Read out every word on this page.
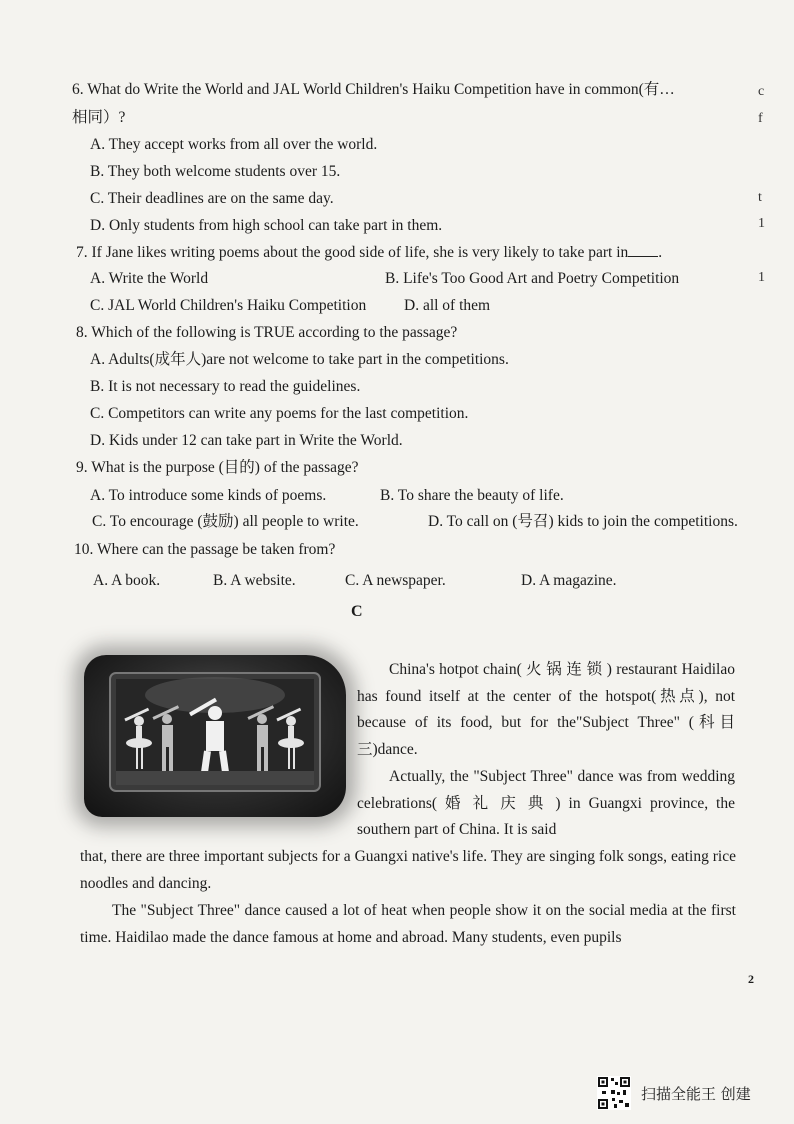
6. What do Write the World and JAL World Children's Haiku Competition have in common(有…
相同）?
A. They accept works from all over the world.
B. They both welcome students over 15.
C. Their deadlines are on the same day.
D. Only students from high school can take part in them.
7. If Jane likes writing poems about the good side of life, she is very likely to take part in .
A. Write the World	B. Life's Too Good Art and Poetry Competition
C. JAL World Children's Haiku Competition D. all of them
8. Which of the following is TRUE according to the passage?
A. Adults(成年人)are not welcome to take part in the competitions.
B. It is not necessary to read the guidelines.
C. Competitors can write any poems for the last competition.
D. Kids under 12 can take part in Write the World.
9. What is the purpose (目的) of the passage?
A. To introduce some kinds of poems.	B. To share the beauty of life.
C. To encourage (鼓励) all people to write.	D. To call on (号召) kids to join the competitions.
10. Where can the passage be taken from?
A. A book.	B. A website.	C. A newspaper.	D. A magazine.
c
f
t
1
1
C
China's hotpot chain( 火 锅 连 锁 ) restaurant Haidilao has found itself at the center of the hotspot(热点), not because of its food, but for the"Subject Three" (科目三)dance.
Actually, the "Subject Three" dance was from wedding celebrations( 婚 礼 庆 典 ) in Guangxi province, the southern part of China. It is said
that, there are three important subjects for a Guangxi native's life. They are singing folk songs, eating rice noodles and dancing.
The "Subject Three" dance caused a lot of heat when people show it on the social media at the first time. Haidilao made the dance famous at home and abroad. Many students, even pupils
2
扫描全能王 创建
